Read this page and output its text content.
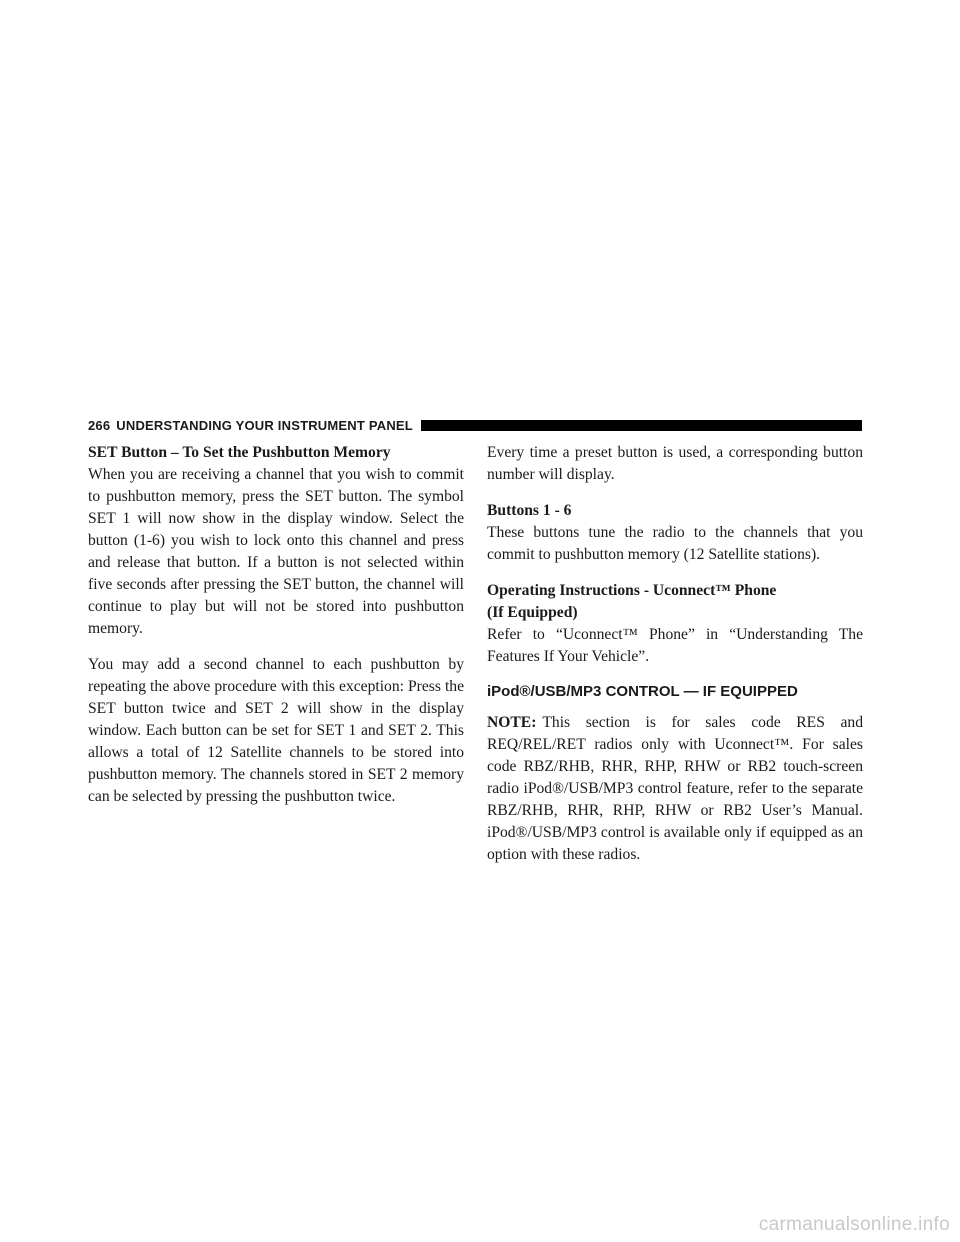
266 UNDERSTANDING YOUR INSTRUMENT PANEL

SET Button – To Set the Pushbutton Memory

When you are receiving a channel that you wish to commit to pushbutton memory, press the SET button. The symbol SET 1 will now show in the display window. Select the button (1-6) you wish to lock onto this channel and press and release that button. If a button is not selected within five seconds after pressing the SET button, the channel will continue to play but will not be stored into pushbutton memory.

You may add a second channel to each pushbutton by repeating the above procedure with this exception: Press the SET button twice and SET 2 will show in the display window. Each button can be set for SET 1 and SET 2. This allows a total of 12 Satellite channels to be stored into pushbutton memory. The channels stored in SET 2 memory can be selected by pressing the pushbutton twice.

Every time a preset button is used, a corresponding button number will display.

Buttons 1 - 6

These buttons tune the radio to the channels that you commit to pushbutton memory (12 Satellite stations).

Operating Instructions - Uconnect™ Phone

(If Equipped)

Refer to “Uconnect™ Phone” in “Understanding The Features If Your Vehicle”.

iPod®/USB/MP3 CONTROL — IF EQUIPPED

NOTE: This section is for sales code RES and REQ/REL/RET radios only with Uconnect™. For sales code RBZ/RHB, RHR, RHP, RHW or RB2 touch-screen radio iPod®/USB/MP3 control feature, refer to the separate RBZ/RHB, RHR, RHP, RHW or RB2 User’s Manual. iPod®/USB/MP3 control is available only if equipped as an option with these radios.

carmanualsonline.info
